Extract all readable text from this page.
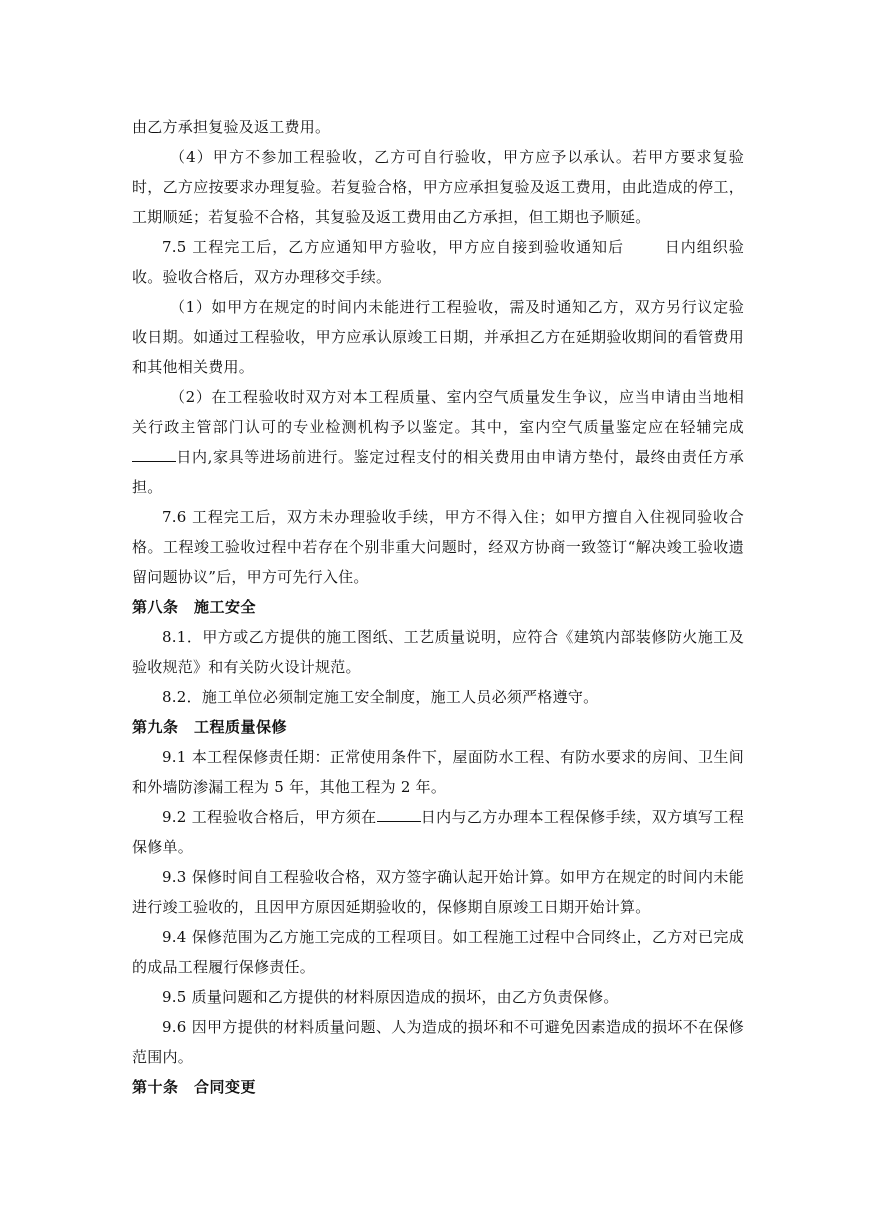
由乙方承担复验及返工费用。

（4）甲方不参加工程验收，乙方可自行验收，甲方应予以承认。若甲方要求复验时，乙方应按要求办理复验。若复验合格，甲方应承担复验及返工费用，由此造成的停工，工期顺延；若复验不合格，其复验及返工费用由乙方承担，但工期也予顺延。

7.5 工程完工后，乙方应通知甲方验收，甲方应自接到验收通知后	日内组织验收。验收合格后，双方办理移交手续。

（1）如甲方在规定的时间内未能进行工程验收，需及时通知乙方，双方另行议定验收日期。如通过工程验收，甲方应承认原竣工日期，并承担乙方在延期验收期间的看管费用和其他相关费用。

（2）在工程验收时双方对本工程质量、室内空气质量发生争议，应当申请由当地相关行政主管部门认可的专业检测机构予以鉴定。其中，室内空气质量鉴定应在轻辅完成日内,家具等进场前进行。鉴定过程支付的相关费用由申请方垫付，最终由责任方承担。

7.6 工程完工后，双方未办理验收手续，甲方不得入住；如甲方擅自入住视同验收合格。工程竣工验收过程中若存在个别非重大问题时，经双方协商一致签订“解决竣工验收遗留问题协议”后，甲方可先行入住。

第八条　施工安全

8.1．甲方或乙方提供的施工图纸、工艺质量说明，应符合《建筑内部装修防火施工及验收规范》和有关防火设计规范。

8.2．施工单位必须制定施工安全制度，施工人员必须严格遵守。

第九条　工程质量保修

9.1 本工程保修责任期：正常使用条件下，屋面防水工程、有防水要求的房间、卫生间和外墙防渗漏工程为 5 年，其他工程为 2 年。

9.2 工程验收合格后，甲方须在	日内与乙方办理本工程保修手续，双方填写工程保修单。

9.3 保修时间自工程验收合格，双方签字确认起开始计算。如甲方在规定的时间内未能进行竣工验收的，且因甲方原因延期验收的，保修期自原竣工日期开始计算。

9.4 保修范围为乙方施工完成的工程项目。如工程施工过程中合同终止，乙方对已完成的成品工程履行保修责任。

9.5 质量问题和乙方提供的材料原因造成的损坏，由乙方负责保修。

9.6 因甲方提供的材料质量问题、人为造成的损坏和不可避免因素造成的损坏不在保修范围内。

第十条　合同变更
